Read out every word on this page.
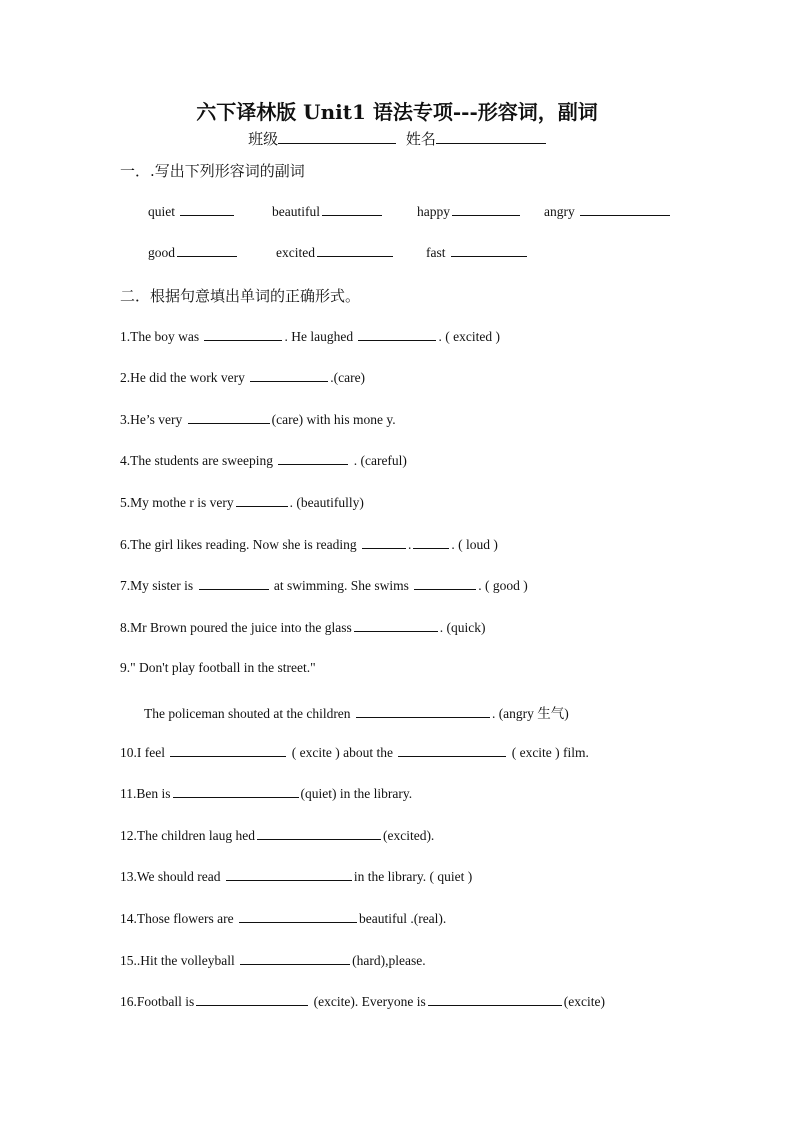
六下译林版 Unit1 语法专项---形容词，副词
班级	姓名
一．.写出下列形容词的副词
quiet	beautiful	happy	angry
good	excited	fast
二．根据句意填出单词的正确形式。
1.The boy was	. He laughed	. ( excited )
2.He did the work very	.(care)
3.He’s very	(care) with his mone y.
4.The students are sweeping	. (careful)
5.My mothe r is very	. (beautifully)
6.The girl likes reading. Now she is reading	.	. ( loud )
7.My sister is	at swimming. She swims	. ( good )
8.Mr Brown poured the juice into the glass	. (quick)
9." Don't play football in the street."
The policeman shouted at the children	. (angry 生气)
10.I feel	( excite ) about the	( excite ) film.
11.Ben is	(quiet) in the library.
12.The children laug hed	(excited).
13.We should read	in the library. ( quiet )
14.Those flowers are	beautiful .(real).
15..Hit the volleyball	(hard),please.
16.Football is	(excite). Everyone is	(excite)
